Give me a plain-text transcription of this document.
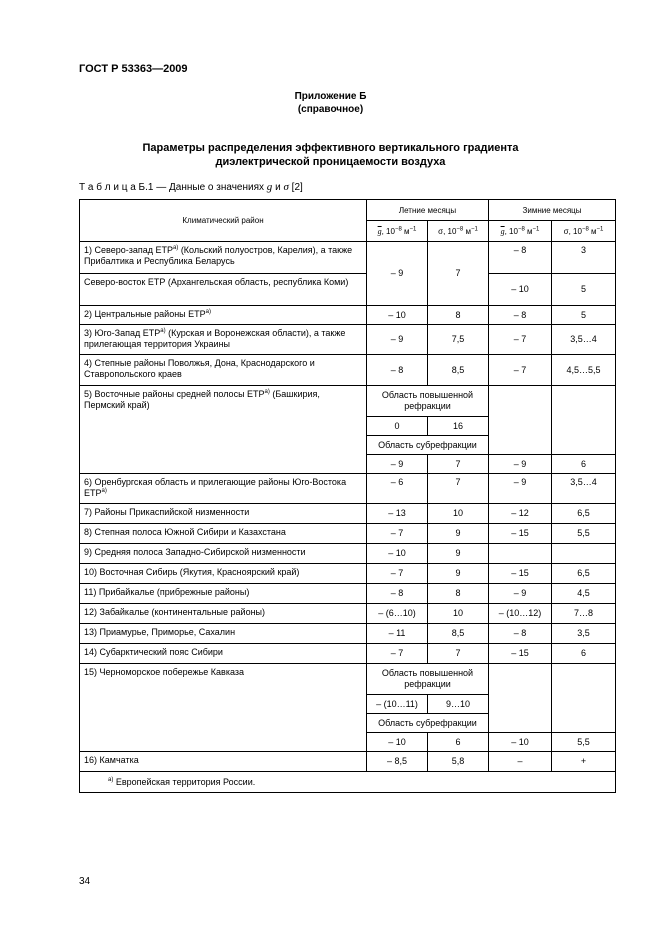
ГОСТ Р 53363—2009
Приложение Б
(справочное)
Параметры распределения эффективного вертикального градиента
диэлектрической проницаемости воздуха
Т а б л и ц а Б.1 — Данные о значениях g и σ [2]
Климатический район	Летние месяцы		Зимние месяцы	
	$\overline{g}$, $10^{-8}$ $м^{-1}$	σ, $10^{-8}$ $м^{-1}$	$\overline{g}$, $10^{-8}$ $м^{-1}$	σ, $10^{-8}$ $м^{-1}$
1) Северо-запад $ЕТР^{а)}$ (Кольский полуостров, Карелия), а также Прибалтика и Республика Беларусь	– 9	7	– 8	3
Северо-восток ЕТР (Архангельская область, республика Коми)			– 10	5
2) Центральные районы $ЕТР^{а)}$	– 10	8	– 8	5
3) Юго-Запад $ЕТР^{а)}$ (Курская и Воронежская области), а также прилегающая территория Украины	– 9	7,5	– 7	3,5…4
4) Степные районы Поволжья, Дона, Краснодарского и Ставропольского краев	– 8	8,5	– 7	4,5…5,5
5) Восточные районы средней полосы $ЕТР^{а)}$ (Башкирия, Пермский край)	Область повышенной рефракции			
	0	16		
	Область субрефракции			
	– 9	7	– 9	6
6) Оренбургская область и прилегающие районы Юго-Востока $ЕТР^{а)}$	– 6	7	– 9	3,5…4
7) Районы Прикаспийской низменности	– 13	10	– 12	6,5
8) Степная полоса Южной Сибири и Казахстана	– 7	9	– 15	5,5
9) Средняя полоса Западно-Сибирской низменности	– 10	9		
10) Восточная Сибирь (Якутия, Красноярский край)	– 7	9	– 15	6,5
11) Прибайкалье (прибрежные районы)	– 8	8	– 9	4,5
12) Забайкалье (континентальные районы)	– (6…10)	10	– (10…12)	7…8
13) Приамурье, Приморье, Сахалин	– 11	8,5	– 8	3,5
14) Субарктический пояс Сибири	– 7	7	– 15	6
15) Черноморское побережье Кавказа	Область повышенной рефракции			
	– (10…11)	9…10		
	Область субрефракции			
	– 10	6	– 10	5,5
16) Камчатка	– 8,5	5,8	–	+
$^{а)}$ Европейская территория России.				
34
